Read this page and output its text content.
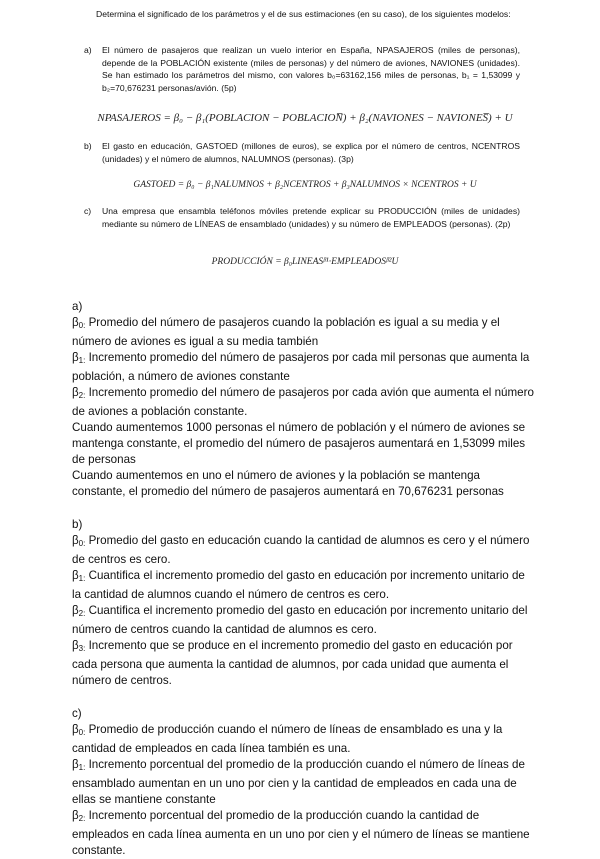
Determina el significado de los parámetros y el de sus estimaciones (en su caso), de los siguientes modelos:
a) El número de pasajeros que realizan un vuelo interior en España, NPASAJEROS (miles de personas), depende de la POBLACIÓN existente (miles de personas) y del número de aviones, NAVIONES (unidades). Se han estimado los parámetros del mismo, con valores b₀=63162,156 miles de personas, b₁ = 1,53099 y b₂=70,676231 personas/avión. (5p)
NPASAJEROS = β₀ − β₁(POBLACION − POBLACION̅) + β₂(NAVIONES − NAVIONES̅) + U
b) El gasto en educación, GASTOED (millones de euros), se explica por el número de centros, NCENTROS (unidades) y el número de alumnos, NALUMNOS (personas). (3p)
GASTOED = β₀ − β₁NALUMNOS + β₂NCENTROS + β₃NALUMNOS × NCENTROS + U
c) Una empresa que ensambla teléfonos móviles pretende explicar su PRODUCCIÓN (miles de unidades) mediante su número de LÍNEAS de ensamblado (unidades) y su número de EMPLEADOS (personas). (2p)
PRODUCCIÓN = β₀LINEASᵝ¹·EMPLEADOSᵝ²U

a)

$\beta_{0:}$ Promedio del número de pasajeros cuando la población es igual a su media y el número de aviones es igual a su media también

$\beta_{1:}$ Incremento promedio del número de pasajeros por cada mil personas que aumenta la población, a número de aviones constante

$\beta_{2:}$ Incremento promedio del número de pasajeros por cada avión que aumenta el número de aviones a población constante.

Cuando aumentemos 1000 personas el número de población y el número de aviones se mantenga constante, el promedio del número de pasajeros aumentará en 1,53099 miles de personas

Cuando aumentemos en uno el número de aviones y la población se mantenga constante, el promedio del número de pasajeros aumentará en 70,676231 personas

b)

$\beta_{0:}$ Promedio del gasto en educación cuando la cantidad de alumnos es cero y el número de centros es cero.

$\beta_{1:}$ Cuantifica el incremento promedio del gasto en educación por incremento unitario de la cantidad de alumnos cuando el número de centros es cero.

$\beta_{2:}$ Cuantifica el incremento promedio del gasto en educación por incremento unitario del número de centros cuando la cantidad de alumnos es cero.

$\beta_{3:}$ Incremento que se produce en el incremento promedio del gasto en educación por cada persona que aumenta la cantidad de alumnos, por cada unidad que aumenta el número de centros.

c)

$\beta_{0:}$ Promedio de producción cuando el número de líneas de ensamblado es una y la cantidad de empleados en cada línea también es una.

$\beta_{1:}$ Incremento porcentual del promedio de la producción cuando el número de líneas de ensamblado aumentan en un uno por cien y la cantidad de empleados en cada una de ellas se mantiene constante

$\beta_{2:}$ Incremento porcentual del promedio de la producción cuando la cantidad de empleados en cada línea aumenta en un uno por cien y el número de líneas se mantiene constante.
